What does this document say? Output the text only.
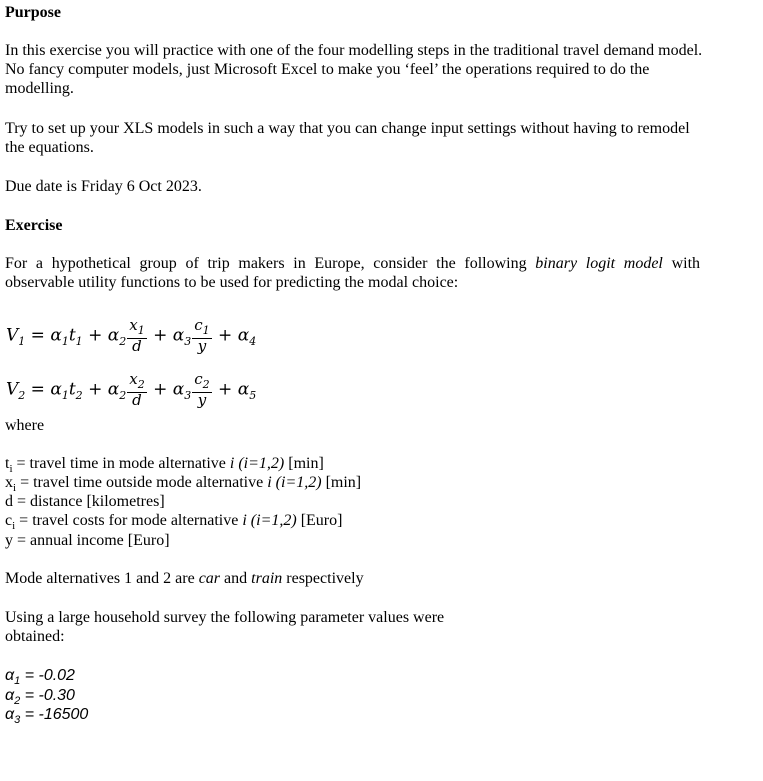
Purpose
In this exercise you will practice with one of the four modelling steps in the traditional travel demand model. No fancy computer models, just Microsoft Excel to make you ‘feel’ the operations required to do the modelling.
Try to set up your XLS models in such a way that you can change input settings without having to remodel the equations.
Due date is Friday 6 Oct 2023.
Exercise
For a hypothetical group of trip makers in Europe, consider the following binary logit model with observable utility functions to be used for predicting the modal choice:
$V_1 = \alpha_1t_1 + \alpha_2 \frac{x_1}{d} + \alpha_3 \frac{c_1}{y} + \alpha_4$
$V_2 = \alpha_1t_2 + \alpha_2 \frac{x_2}{d} + \alpha_3 \frac{c_2}{y} + \alpha_5$
where
$t_i$ = travel time in mode alternative i (i=1,2) [min]
$x_i$ = travel time outside mode alternative i (i=1,2) [min]
d = distance [kilometres]
$c_i$ = travel costs for mode alternative i (i=1,2) [Euro]
y = annual income [Euro]
Mode alternatives 1 and 2 are car and train respectively
Using a large household survey the following parameter values were
obtained:
$\alpha_1 = -0.02$
$\alpha_2 = -0.30$
$\alpha_3 = -16500$
